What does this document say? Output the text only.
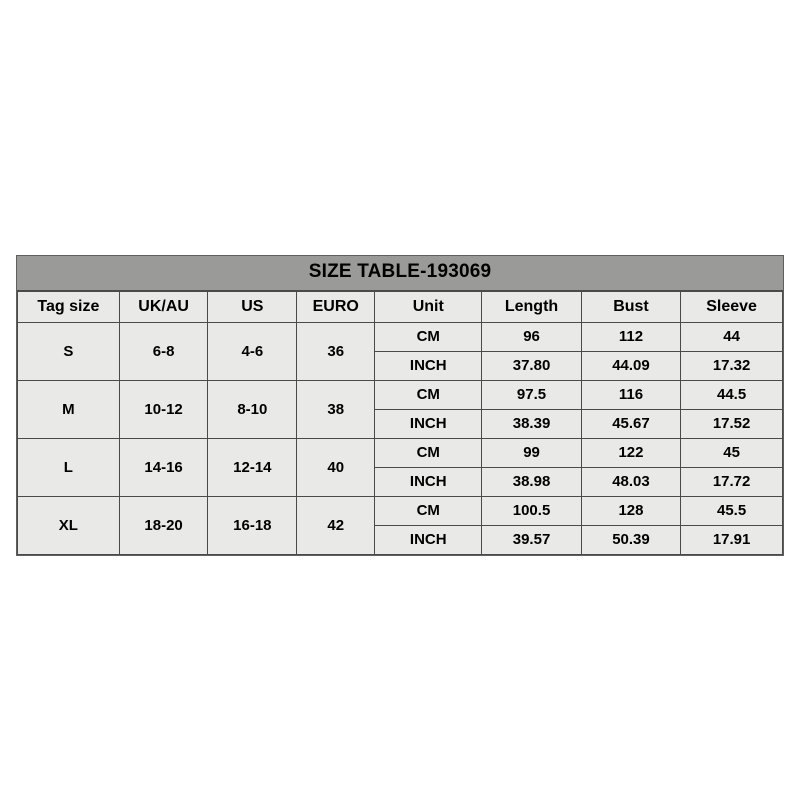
SIZE TABLE-193069
Tag size	UK/AU	US	EURO	Unit	Length	Bust	Sleeve
S	6-8	4-6	36	CM	96	112	44
				INCH	37.80	44.09	17.32
M	10-12	8-10	38	CM	97.5	116	44.5
				INCH	38.39	45.67	17.52
L	14-16	12-14	40	CM	99	122	45
				INCH	38.98	48.03	17.72
XL	18-20	16-18	42	CM	100.5	128	45.5
				INCH	39.57	50.39	17.91
